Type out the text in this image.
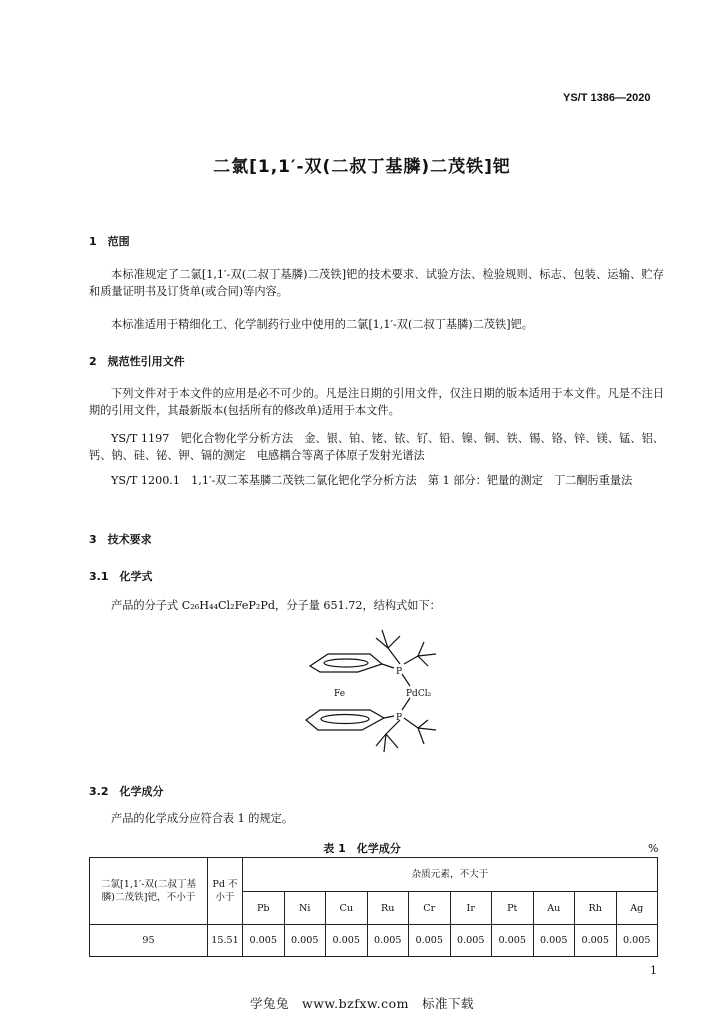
YS/T 1386—2020
二氯[1,1′-双(二叔丁基膦)二茂铁]钯
1　范围
本标准规定了二氯[1,1′-双(二叔丁基膦)二茂铁]钯的技术要求、试验方法、检验规则、标志、包装、运输、贮存和质量证明书及订货单(或合同)等内容。
本标准适用于精细化工、化学制药行业中使用的二氯[1,1′-双(二叔丁基膦)二茂铁]钯。
2　规范性引用文件
下列文件对于本文件的应用是必不可少的。凡是注日期的引用文件，仅注日期的版本适用于本文件。凡是不注日期的引用文件，其最新版本(包括所有的修改单)适用于本文件。
YS/T 1197　钯化合物化学分析方法　金、银、铂、铑、铱、钌、铅、镍、铜、铁、锡、铬、锌、镁、锰、铝、钙、钠、硅、铋、钾、镉的测定　电感耦合等离子体原子发射光谱法
YS/T 1200.1　1,1′-双二苯基膦二茂铁二氯化钯化学分析方法　第 1 部分：钯量的测定　丁二酮肟重量法
3　技术要求
3.1　化学式
产品的分子式 C₂₆H₄₄Cl₂FeP₂Pd，分子量 651.72，结构式如下：
P
P
Fe	PdCl₂
3.2　化学成分
产品的化学成分应符合表 1 的规定。
表 1　化学成分	%
二氯[1,1′-双(二叔丁基膦)二茂铁]钯，不小于	Pd 不小于	杂质元素，不大于									
		Pb	Ni	Cu	Ru	Cr	Ir	Pt	Au	Rh	Ag
95	15.51	0.005	0.005	0.005	0.005	0.005	0.005	0.005	0.005	0.005	0.005
1
学兔兔　www.bzfxw.com　标准下载
